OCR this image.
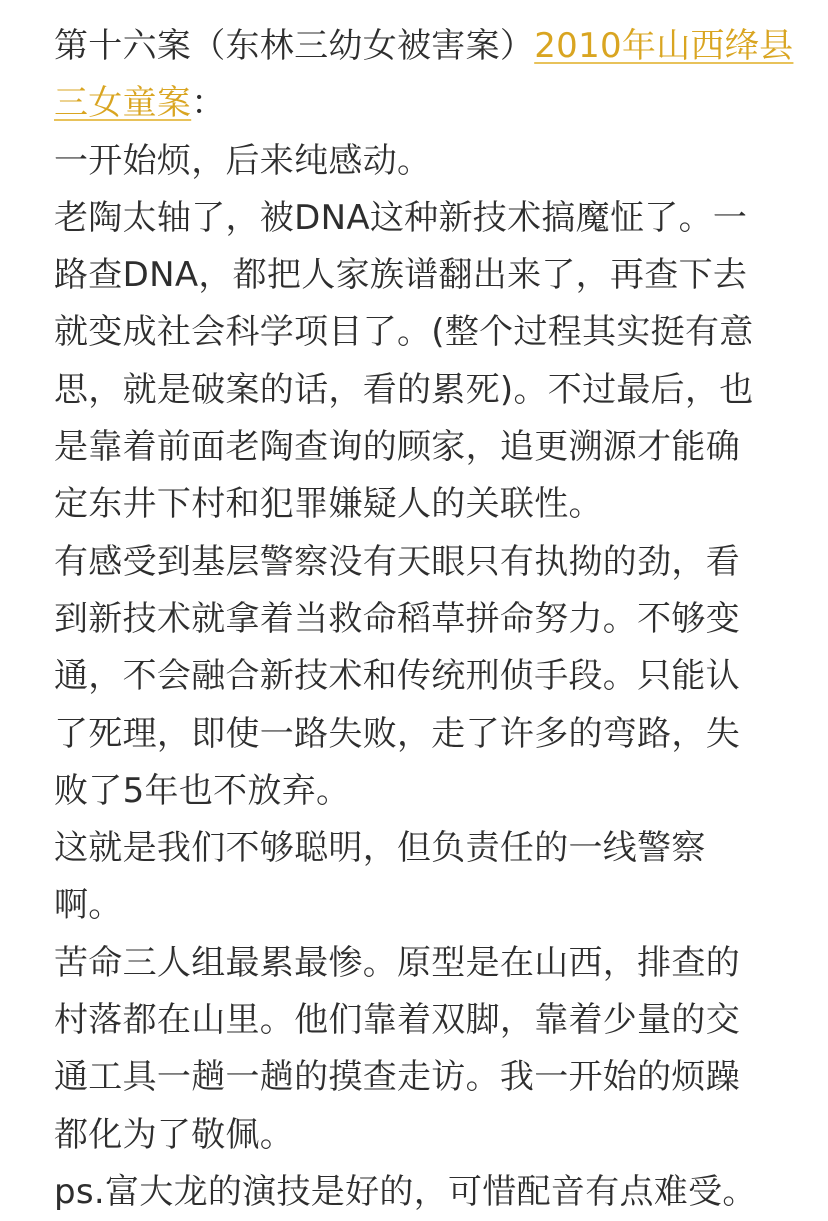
第十六案（东林三幼女被害案）2010年山西绛县
三女童案：
一开始烦，后来纯感动。
老陶太轴了，被DNA这种新技术搞魔怔了。一
路查DNA，都把人家族谱翻出来了，再查下去
就变成社会科学项目了。(整个过程其实挺有意
思，就是破案的话，看的累死)。不过最后，也
是靠着前面老陶查询的顾家，追更溯源才能确
定东井下村和犯罪嫌疑人的关联性。
有感受到基层警察没有天眼只有执拗的劲，看
到新技术就拿着当救命稻草拼命努力。不够变
通，不会融合新技术和传统刑侦手段。只能认
了死理，即使一路失败，走了许多的弯路，失
败了5年也不放弃。
这就是我们不够聪明，但负责任的一线警察
啊。
苦命三人组最累最惨。原型是在山西，排查的
村落都在山里。他们靠着双脚，靠着少量的交
通工具一趟一趟的摸查走访。我一开始的烦躁
都化为了敬佩。
ps.富大龙的演技是好的，可惜配音有点难受。
